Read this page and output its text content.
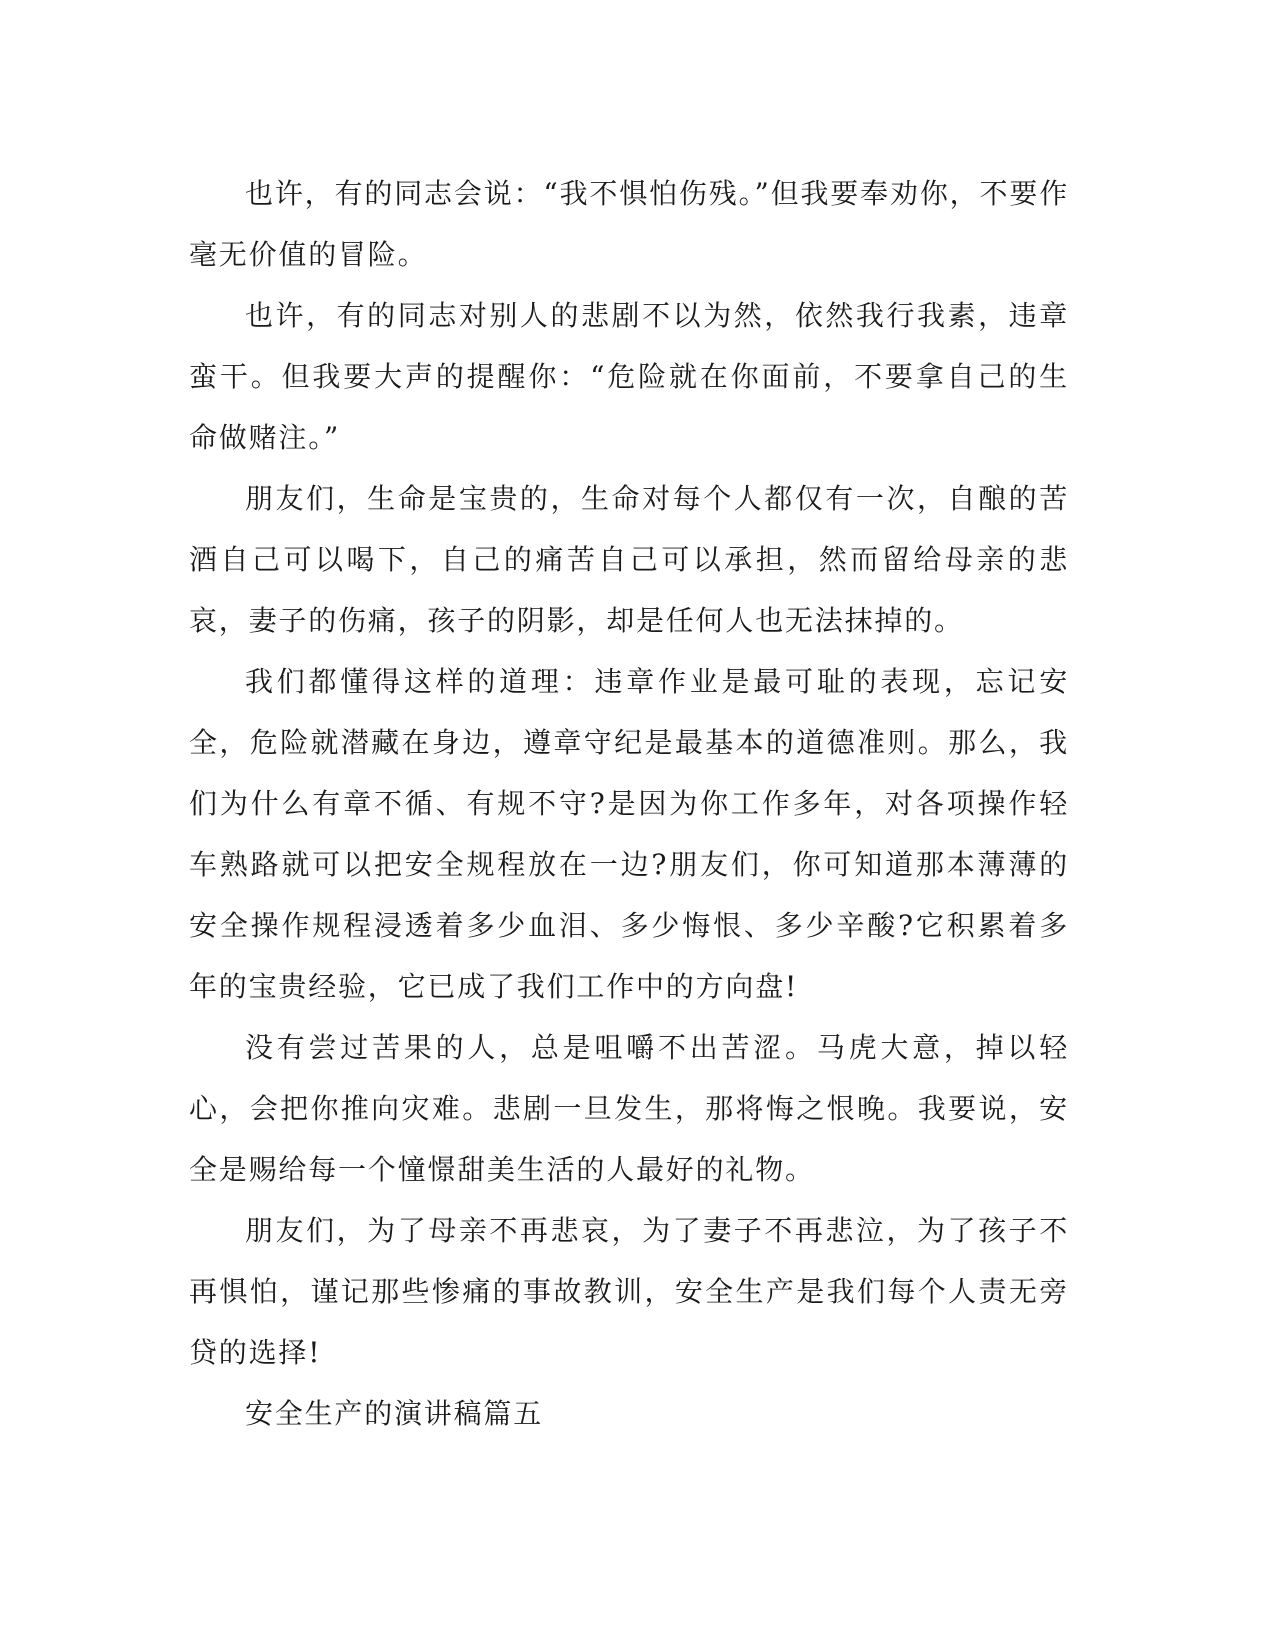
也许，有的同志会说：“我不惧怕伤残。”但我要奉劝你，不要作毫无价值的冒险。

也许，有的同志对别人的悲剧不以为然，依然我行我素，违章蛮干。但我要大声的提醒你：“危险就在你面前，不要拿自己的生命做赌注。”

朋友们，生命是宝贵的，生命对每个人都仅有一次，自酿的苦酒自己可以喝下，自己的痛苦自己可以承担，然而留给母亲的悲哀，妻子的伤痛，孩子的阴影，却是任何人也无法抹掉的。

我们都懂得这样的道理：违章作业是最可耻的表现，忘记安全，危险就潜藏在身边，遵章守纪是最基本的道德准则。那么，我们为什么有章不循、有规不守?是因为你工作多年，对各项操作轻车熟路就可以把安全规程放在一边?朋友们，你可知道那本薄薄的安全操作规程浸透着多少血泪、多少悔恨、多少辛酸?它积累着多年的宝贵经验，它已成了我们工作中的方向盘!

没有尝过苦果的人，总是咀嚼不出苦涩。马虎大意，掉以轻心，会把你推向灾难。悲剧一旦发生，那将悔之恨晚。我要说，安全是赐给每一个憧憬甜美生活的人最好的礼物。

朋友们，为了母亲不再悲哀，为了妻子不再悲泣，为了孩子不再惧怕，谨记那些惨痛的事故教训，安全生产是我们每个人责无旁贷的选择!

安全生产的演讲稿篇五
